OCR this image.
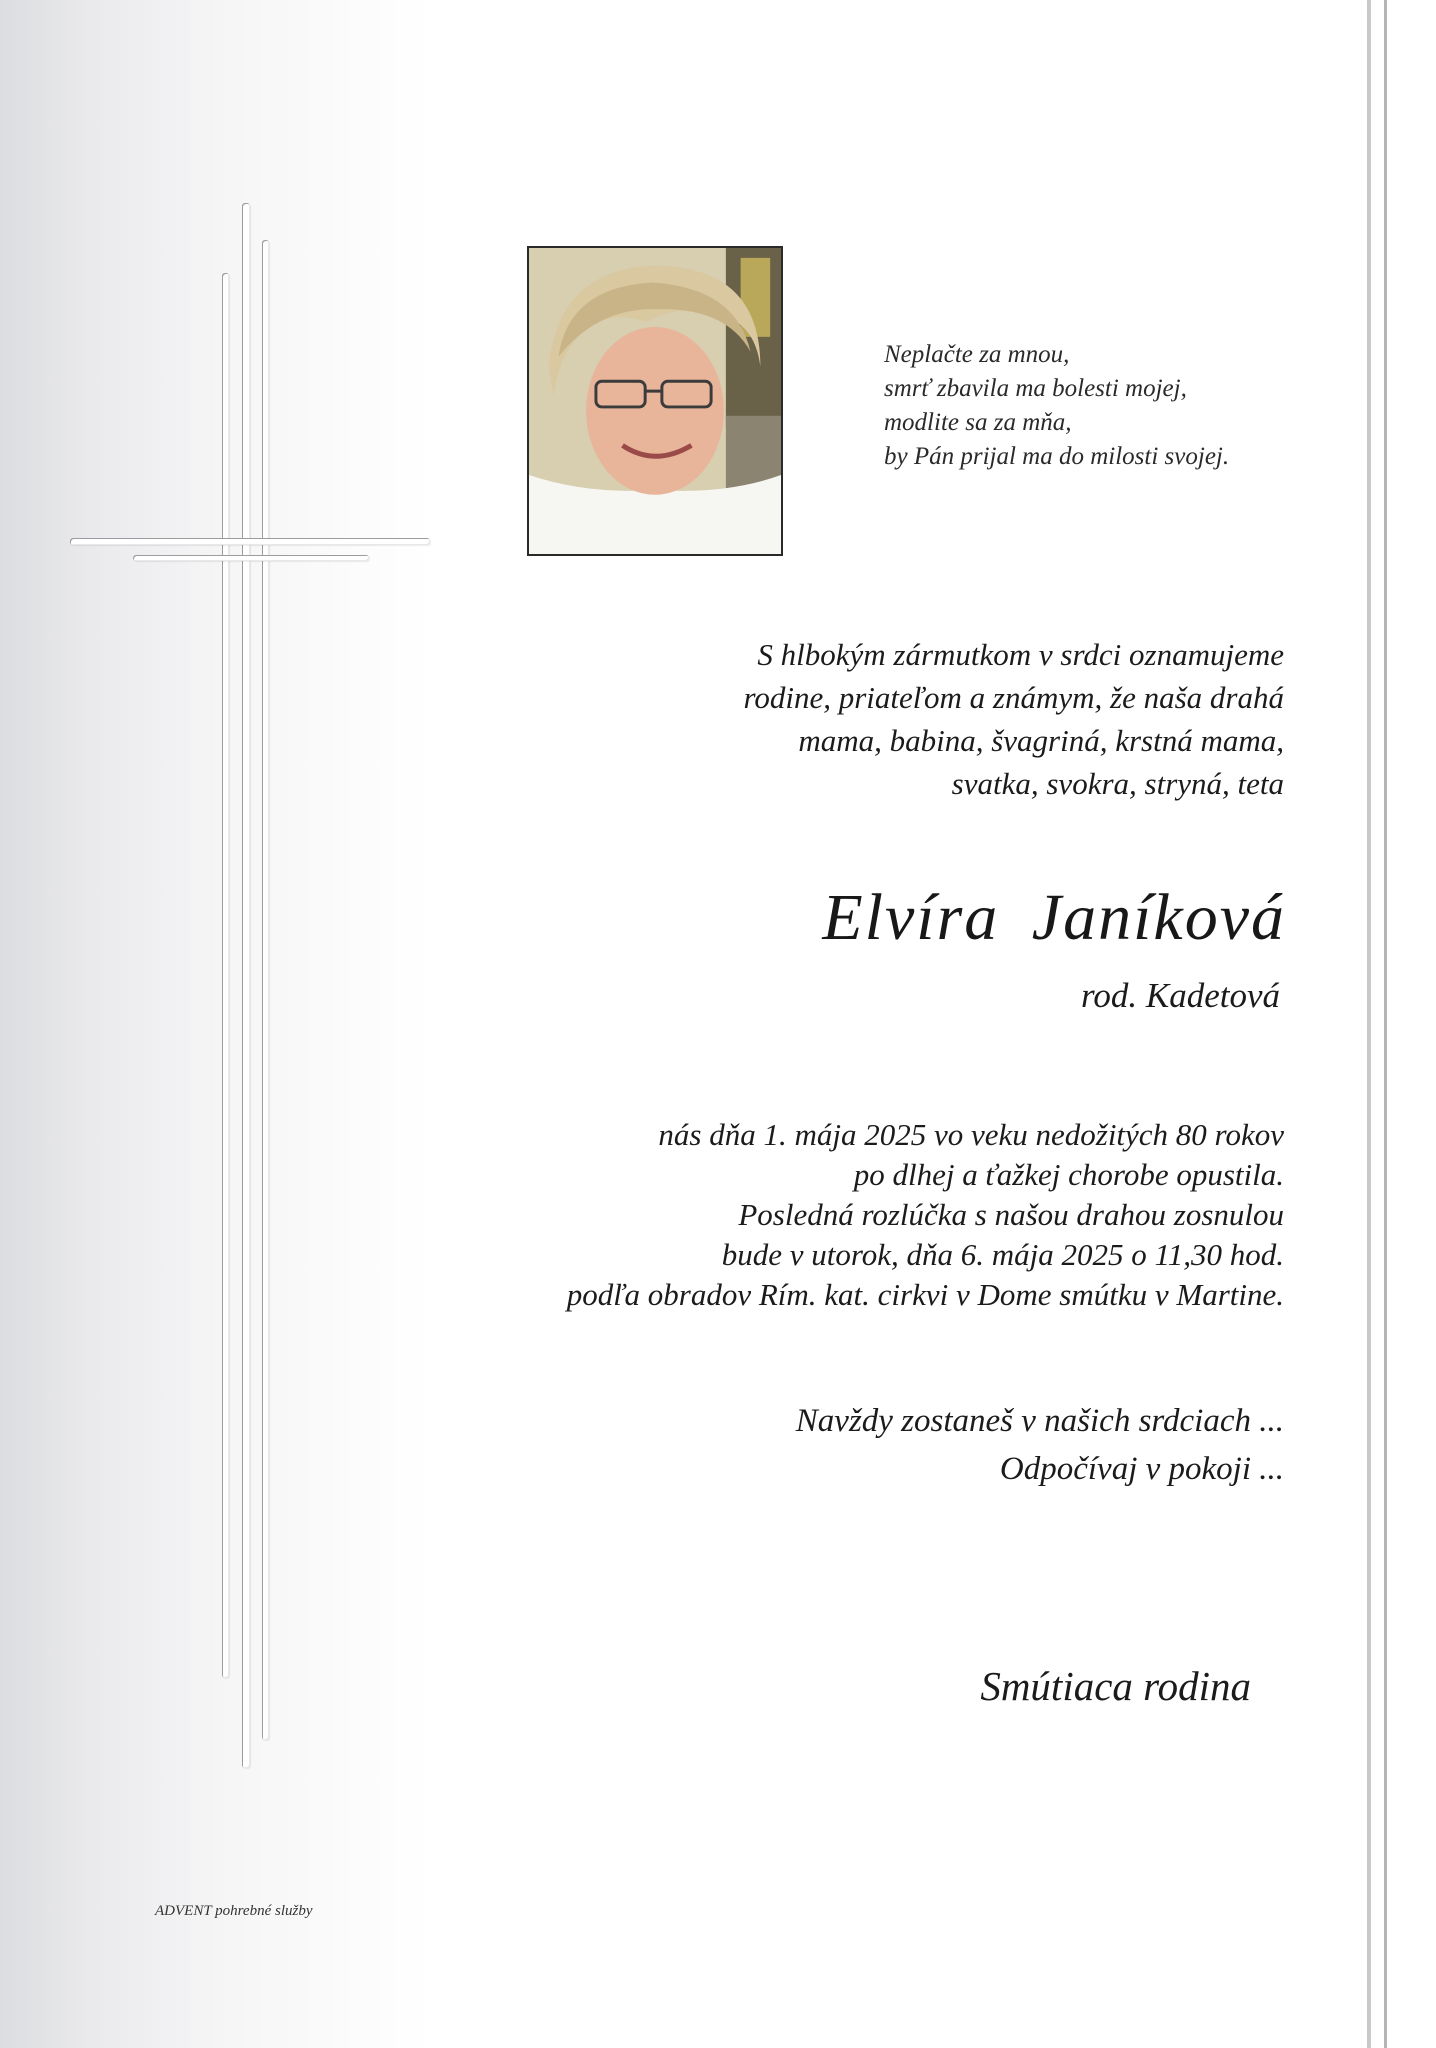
Neplačte za mnou,
smrť zbavila ma bolesti mojej,
modlite sa za mňa,
by Pán prijal ma do milosti svojej.
S hlbokým zármutkom v srdci oznamujeme
rodine, priateľom a známym, že naša drahá
mama, babina, švagriná, krstná mama,
svatka, svokra, stryná, teta
Elvíra Janíková
rod. Kadetová
nás dňa 1. mája 2025 vo veku nedožitých 80 rokov
po dlhej a ťažkej chorobe opustila.
Posledná rozlúčka s našou drahou zosnulou
bude v utorok, dňa 6. mája 2025 o 11,30 hod.
podľa obradov Rím. kat. cirkvi v Dome smútku v Martine.
Navždy zostaneš v našich srdciach ...
Odpočívaj v pokoji ...
Smútiaca rodina
ADVENT pohrebné služby
